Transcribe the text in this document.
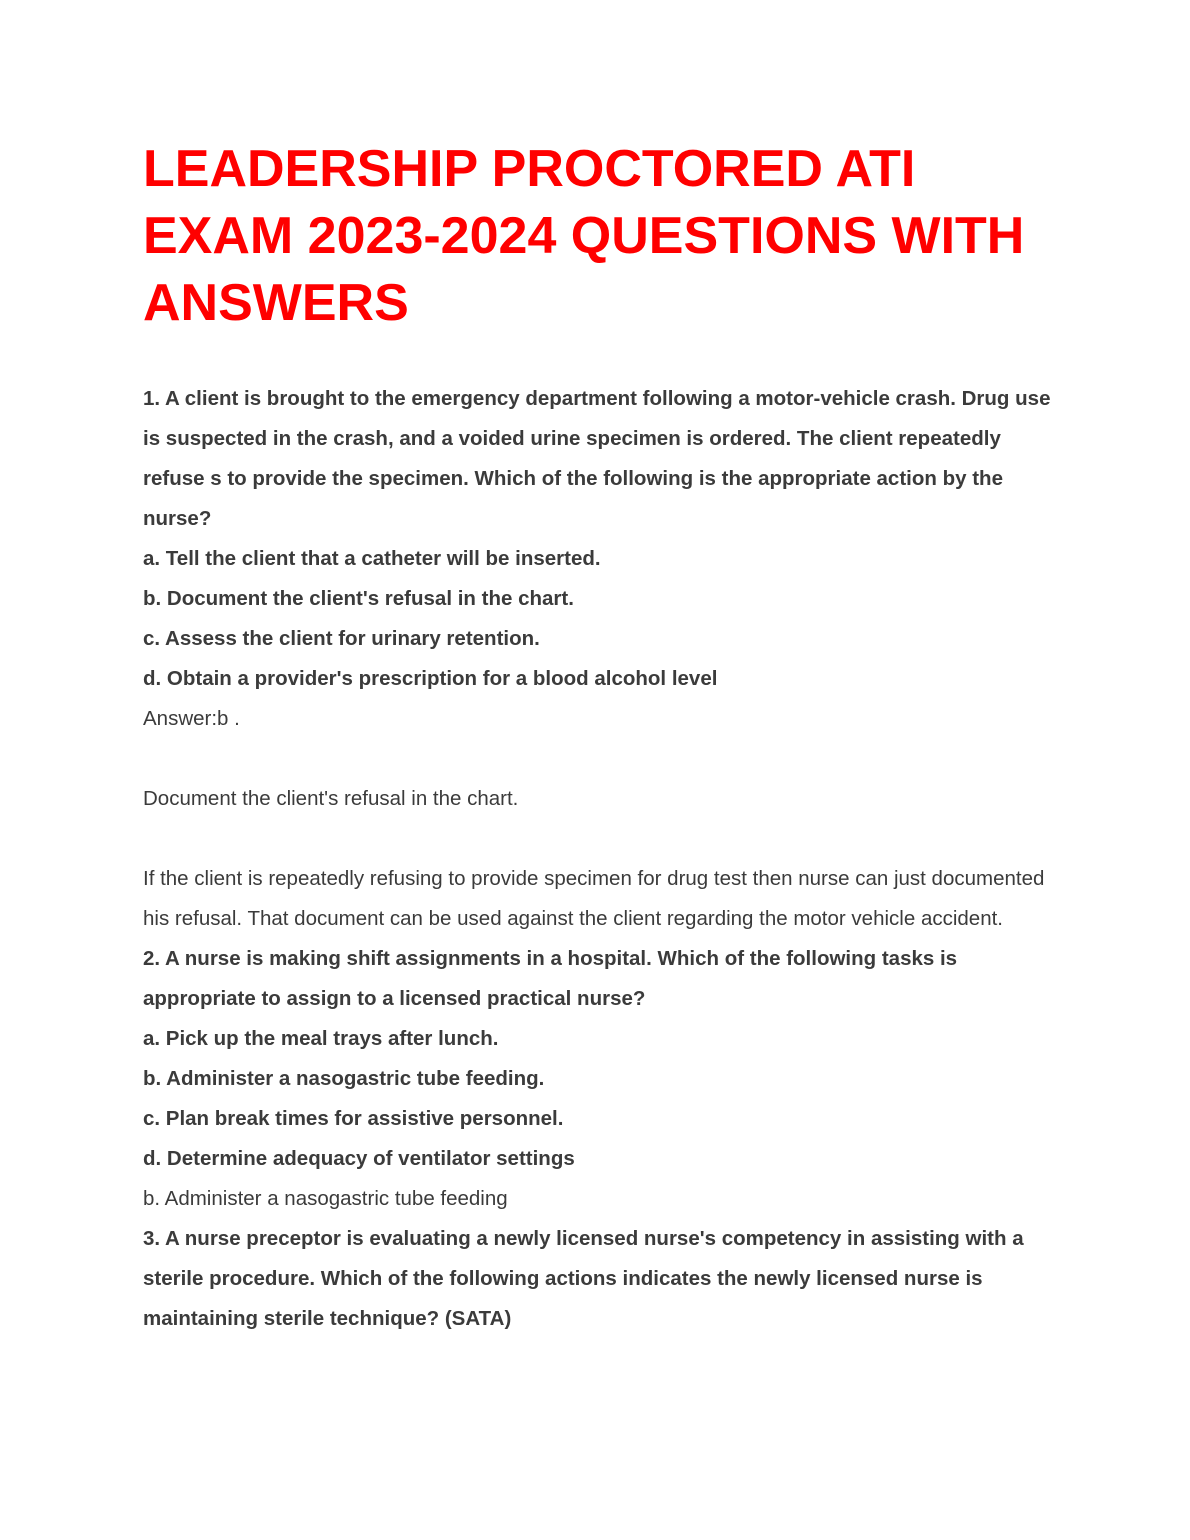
LEADERSHIP PROCTORED ATI EXAM 2023-2024 QUESTIONS WITH ANSWERS

1. A client is brought to the emergency department following a motor-vehicle crash. Drug use is suspected in the crash, and a voided urine specimen is ordered. The client repeatedly refuse s to provide the specimen. Which of the following is the appropriate action by the nurse?

a. Tell the client that a catheter will be inserted.

b. Document the client's refusal in the chart.

c. Assess the client for urinary retention.

d. Obtain a provider's prescription for a blood alcohol level

Answer:b .

Document the client's refusal in the chart.

If the client is repeatedly refusing to provide specimen for drug test then nurse can just documented his refusal. That document can be used against the client regarding the motor vehicle accident.

2. A nurse is making shift assignments in a hospital. Which of the following tasks is appropriate to assign to a licensed practical nurse?

a. Pick up the meal trays after lunch.

b. Administer a nasogastric tube feeding.

c. Plan break times for assistive personnel.

d. Determine adequacy of ventilator settings

b. Administer a nasogastric tube feeding

3. A nurse preceptor is evaluating a newly licensed nurse's competency in assisting with a sterile procedure. Which of the following actions indicates the newly licensed nurse is maintaining sterile technique? (SATA)
